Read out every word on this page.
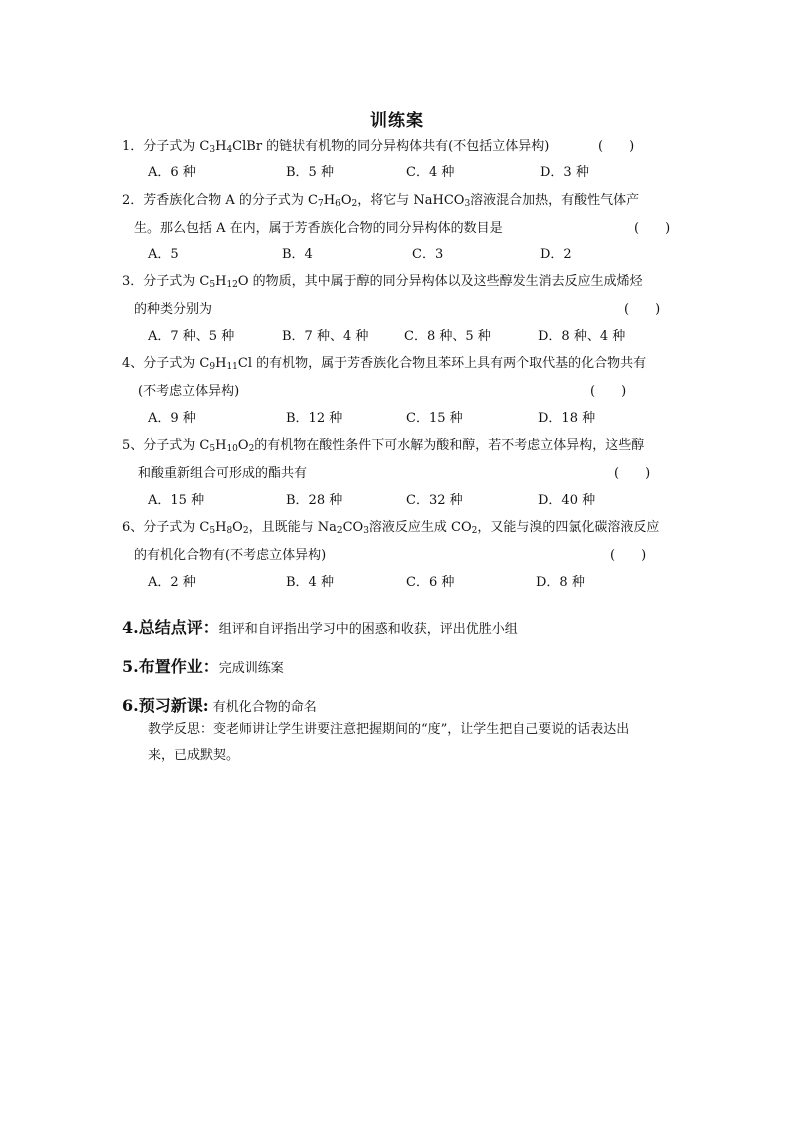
训练案
1．分子式为 $C_3H_4ClBr$ 的链状有机物的同分异构体共有(不包括立体异构)	(　　)
A．6 种	B．5 种	C．4 种	D．3 种
2．芳香族化合物 A 的分子式为 $C_7H_6O_2$，将它与 NaHCO$_3$溶液混合加热，有酸性气体产
生。那么包括 A 在内，属于芳香族化合物的同分异构体的数目是	(　　)
A．5	B．4	C．3	D．2
3．分子式为 $C_5H_{12}O$ 的物质，其中属于醇的同分异构体以及这些醇发生消去反应生成烯烃
的种类分别为	(　　)
A．7 种、5 种	B．7 种、4 种	C．8 种、5 种	D．8 种、4 种
4、分子式为 $C_9H_{11}Cl$ 的有机物，属于芳香族化合物且苯环上具有两个取代基的化合物共有
(不考虑立体异构)	(　　)
A．9 种	B．12 种	C．15 种	D．18 种
5、分子式为 $C_5H_{10}O_2$的有机物在酸性条件下可水解为酸和醇，若不考虑立体异构，这些醇
和酸重新组合可形成的酯共有	(　　)
A．15 种	B．28 种	C．32 种	D．40 种
6、分子式为 $C_5H_8O_2$，且既能与 $Na_2CO_3$溶液反应生成 $CO_2$，又能与溴的四氯化碳溶液反应
的有机化合物有(不考虑立体异构)	(　　)
A．2 种	B．4 种	C．6 种	D．8 种
4.总结点评：组评和自评指出学习中的困惑和收获，评出优胜小组
5.布置作业：完成训练案
6.预习新课: 有机化合物的命名
教学反思：变老师讲让学生讲要注意把握期间的“度”，让学生把自己要说的话表达出
来，已成默契。
